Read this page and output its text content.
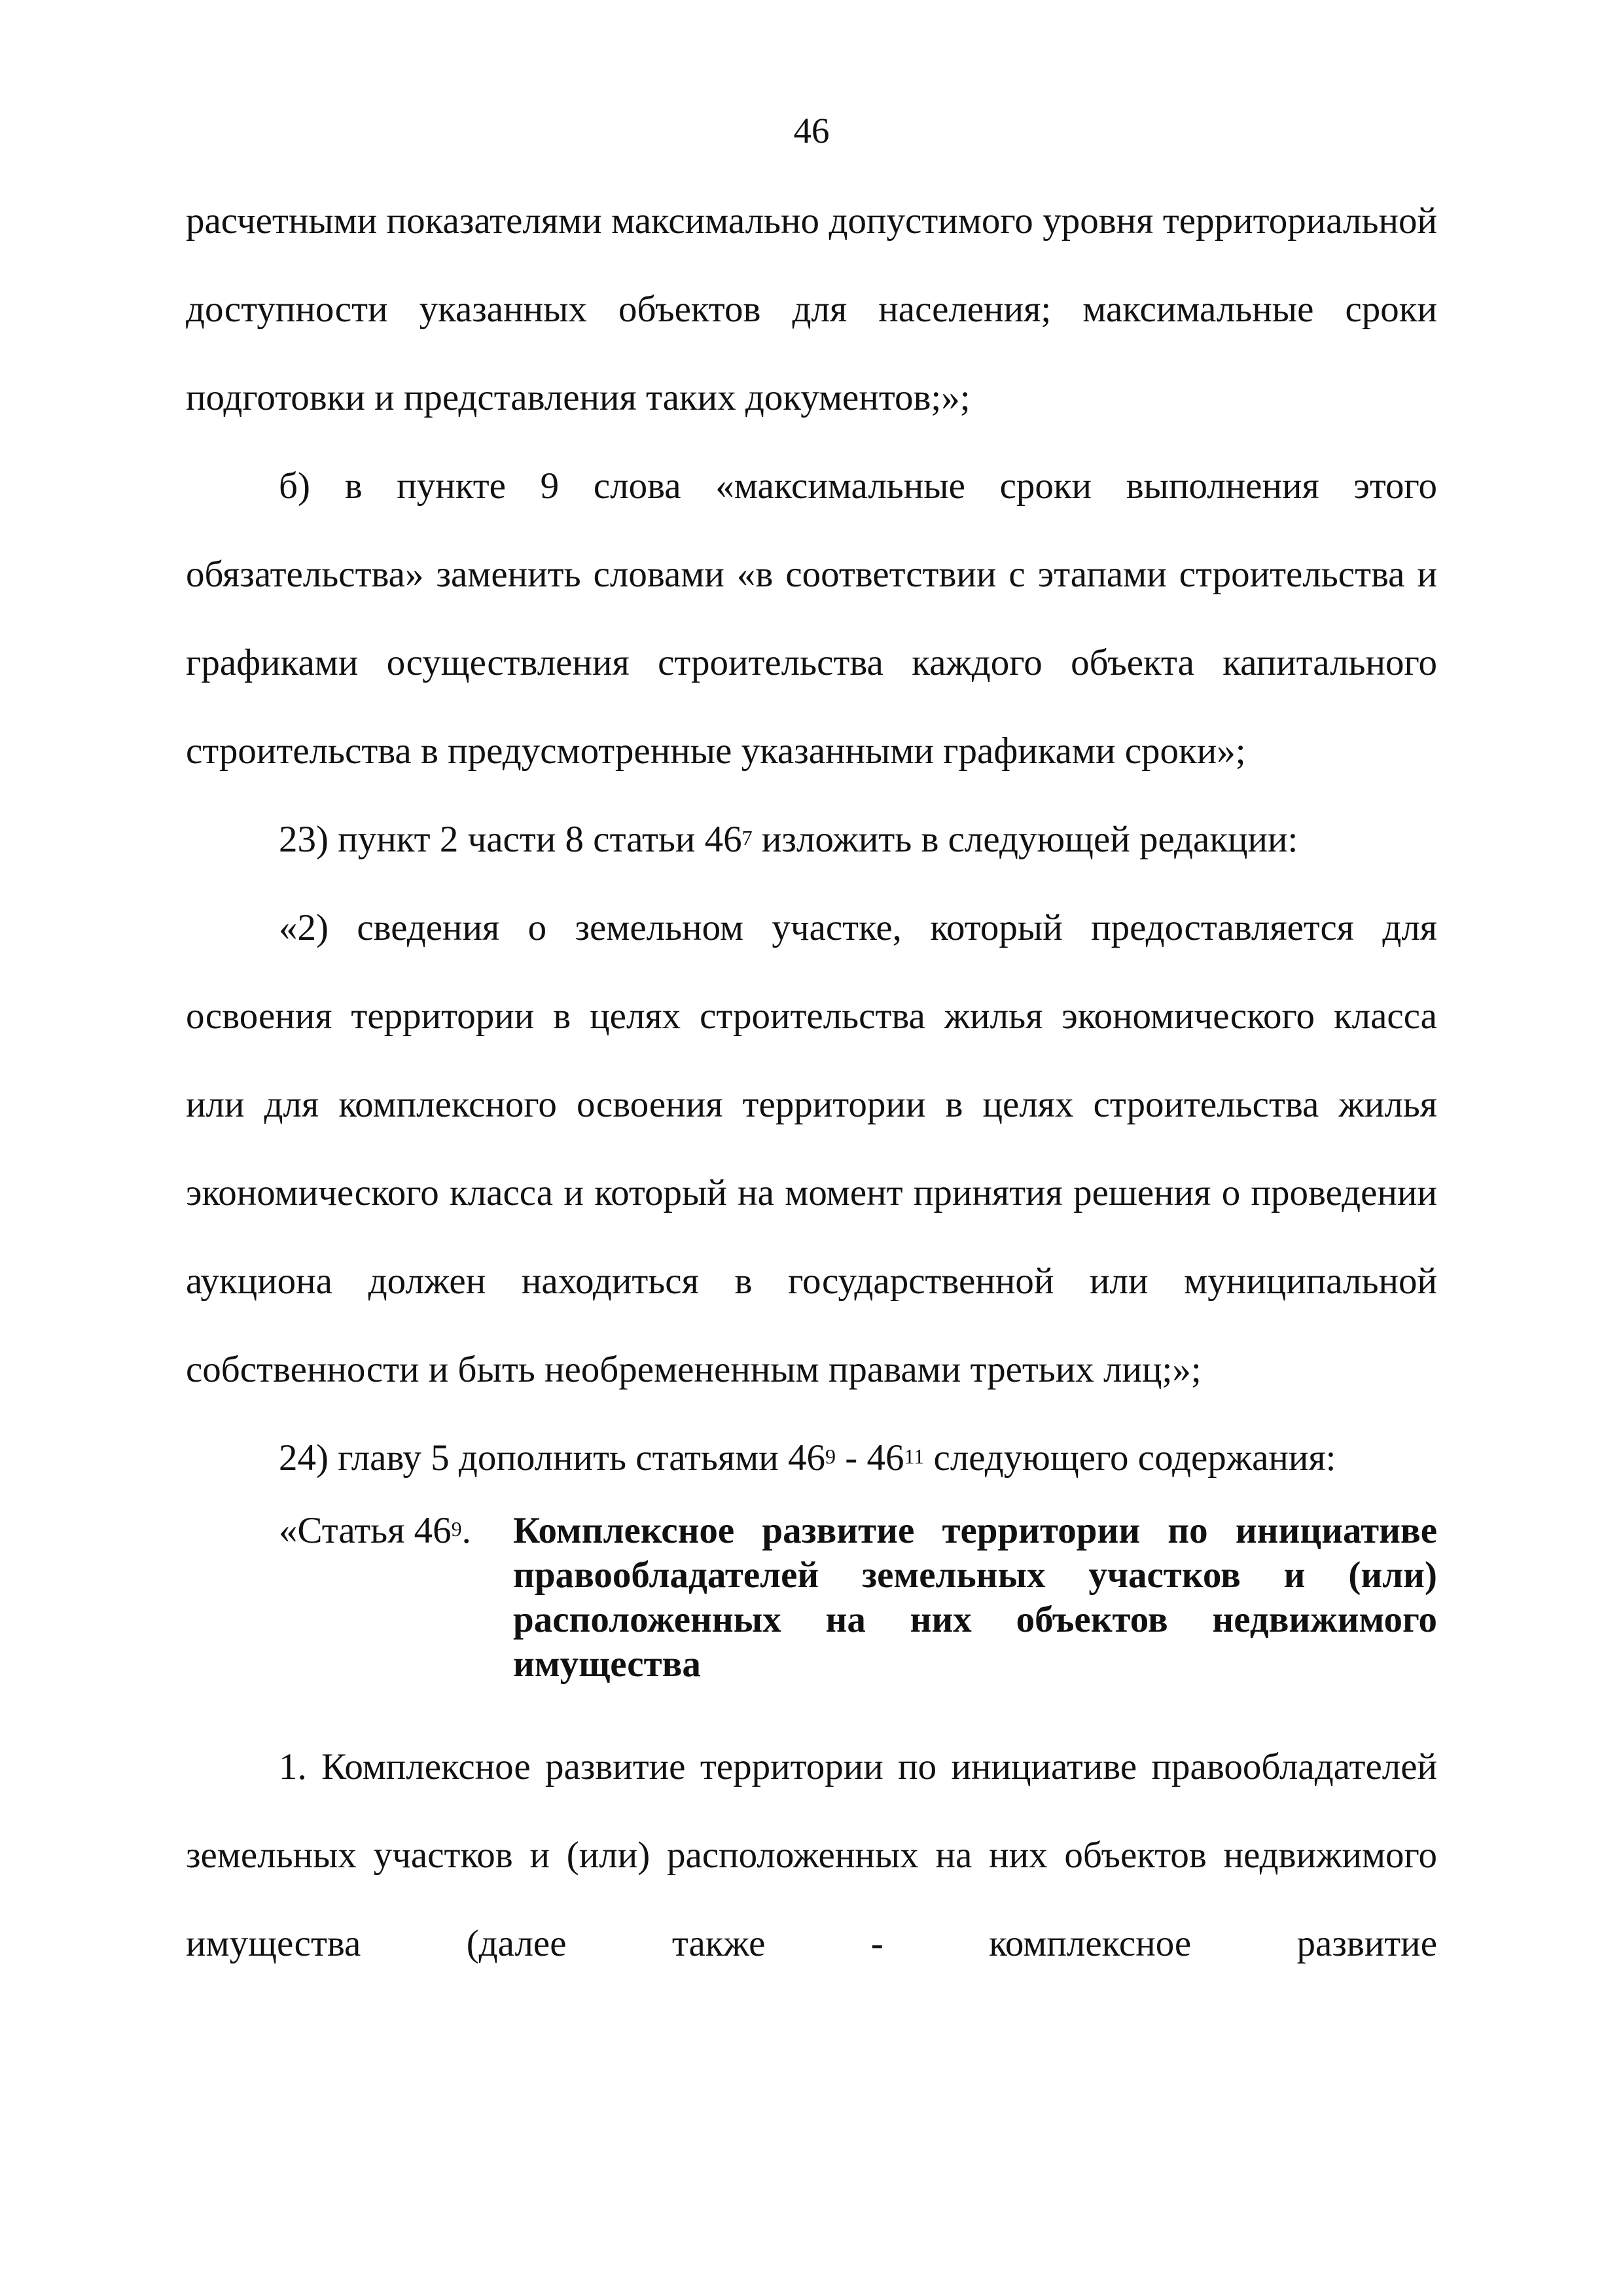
46

расчетными показателями максимально допустимого уровня территориальной доступности указанных объектов для населения; максимальные сроки подготовки и представления таких документов;»;

б) в пункте 9 слова «максимальные сроки выполнения этого обязательства» заменить словами «в соответствии с этапами строительства и графиками осуществления строительства каждого объекта капитального строительства в предусмотренные указанными графиками сроки»;

23) пункт 2 части 8 статьи $46^7$ изложить в следующей редакции:

«2) сведения о земельном участке, который предоставляется для освоения территории в целях строительства жилья экономического класса или для комплексного освоения территории в целях строительства жилья экономического класса и который на момент принятия решения о проведении аукциона должен находиться в государственной или муниципальной собственности и быть необремененным правами третьих лиц;»;

24) главу 5 дополнить статьями $46^9 - 46^{11}$ следующего содержания:

«Статья $46^9$.	Комплексное развитие территории по инициативе правообладателей земельных участков и (или) расположенных на них объектов недвижимого имущества

1. Комплексное развитие территории по инициативе правообладателей земельных участков и (или) расположенных на них объектов недвижимого имущества (далее также - комплексное развитие
